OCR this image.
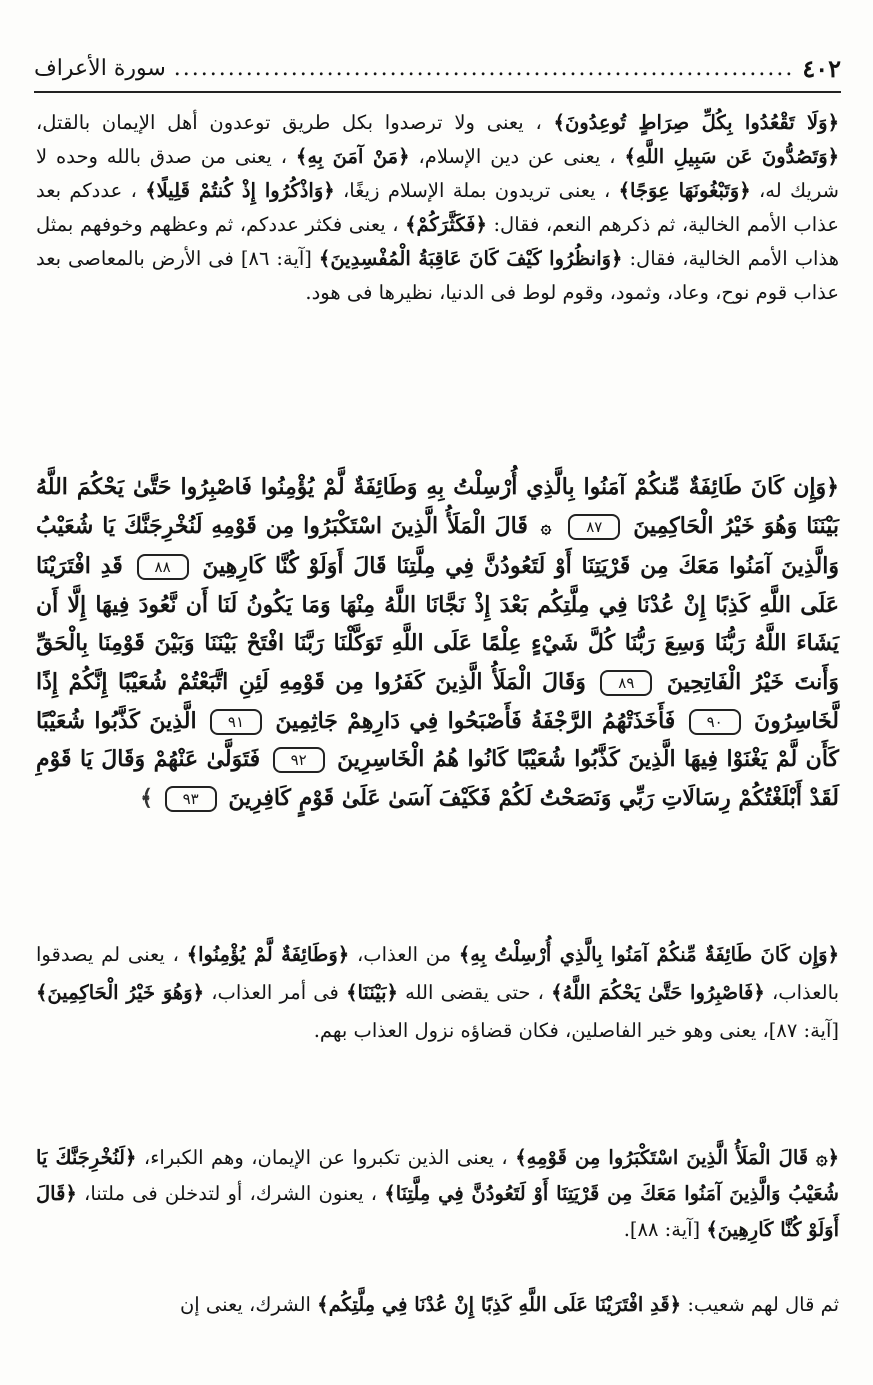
٤٠٢
.....
سورة الأعراف

﴿وَلَا تَقْعُدُوا بِكُلِّ صِرَاطٍ تُوعِدُونَ﴾ ، يعنى ولا ترصدوا بكل طريق توعدون أهل الإيمان بالقتل، ﴿وَتَصُدُّونَ عَن سَبِيلِ اللَّهِ﴾ ، يعنى عن دين الإسلام، ﴿مَنْ آمَنَ بِهِ﴾ ، يعنى من صدق بالله وحده لا شريك له، ﴿وَتَبْغُونَهَا عِوَجًا﴾ ، يعنى تريدون بملة الإسلام زيغًا، ﴿وَاذْكُرُوا إِذْ كُنتُمْ قَلِيلًا﴾ ، عددكم بعد عذاب الأمم الخالية، ثم ذكرهم النعم، فقال: ﴿فَكَثَّرَكُمْ﴾ ، يعنى فكثر عددكم، ثم وعظهم وخوفهم بمثل هذاب الأمم الخالية، فقال: ﴿وَانظُرُوا كَيْفَ كَانَ عَاقِبَةُ الْمُفْسِدِينَ﴾ [آية: ٨٦] فى الأرض بالمعاصى بعد عذاب قوم نوح، وعاد، وثمود، وقوم لوط فى الدنيا، نظيرها فى هود.

﴿وَإِن كَانَ طَائِفَةٌ مِّنكُمْ آمَنُوا بِالَّذِي أُرْسِلْتُ بِهِ وَطَائِفَةٌ لَّمْ يُؤْمِنُوا فَاصْبِرُوا حَتَّىٰ يَحْكُمَ اللَّهُ بَيْنَنَا وَهُوَ خَيْرُ الْحَاكِمِينَ ٨٧ ۞ قَالَ الْمَلَأُ الَّذِينَ اسْتَكْبَرُوا مِن قَوْمِهِ لَنُخْرِجَنَّكَ يَا شُعَيْبُ وَالَّذِينَ آمَنُوا مَعَكَ مِن قَرْيَتِنَا أَوْ لَتَعُودُنَّ فِي مِلَّتِنَا قَالَ أَوَلَوْ كُنَّا كَارِهِينَ ٨٨ قَدِ افْتَرَيْنَا عَلَى اللَّهِ كَذِبًا إِنْ عُدْنَا فِي مِلَّتِكُم بَعْدَ إِذْ نَجَّانَا اللَّهُ مِنْهَا وَمَا يَكُونُ لَنَا أَن نَّعُودَ فِيهَا إِلَّا أَن يَشَاءَ اللَّهُ رَبُّنَا وَسِعَ رَبُّنَا كُلَّ شَيْءٍ عِلْمًا عَلَى اللَّهِ تَوَكَّلْنَا رَبَّنَا افْتَحْ بَيْنَنَا وَبَيْنَ قَوْمِنَا بِالْحَقِّ وَأَنتَ خَيْرُ الْفَاتِحِينَ ٨٩ وَقَالَ الْمَلَأُ الَّذِينَ كَفَرُوا مِن قَوْمِهِ لَئِنِ اتَّبَعْتُمْ شُعَيْبًا إِنَّكُمْ إِذًا لَّخَاسِرُونَ ٩٠ فَأَخَذَتْهُمُ الرَّجْفَةُ فَأَصْبَحُوا فِي دَارِهِمْ جَاثِمِينَ ٩١ الَّذِينَ كَذَّبُوا شُعَيْبًا كَأَن لَّمْ يَغْنَوْا فِيهَا الَّذِينَ كَذَّبُوا شُعَيْبًا كَانُوا هُمُ الْخَاسِرِينَ ٩٢ فَتَوَلَّىٰ عَنْهُمْ وَقَالَ يَا قَوْمِ لَقَدْ أَبْلَغْتُكُمْ رِسَالَاتِ رَبِّي وَنَصَحْتُ لَكُمْ فَكَيْفَ آسَىٰ عَلَىٰ قَوْمٍ كَافِرِينَ ٩٣ ﴾

﴿وَإِن كَانَ طَائِفَةٌ مِّنكُمْ آمَنُوا بِالَّذِي أُرْسِلْتُ بِهِ﴾ من العذاب، ﴿وَطَائِفَةٌ لَّمْ يُؤْمِنُوا﴾ ، يعنى لم يصدقوا بالعذاب، ﴿فَاصْبِرُوا حَتَّىٰ يَحْكُمَ اللَّهُ﴾ ، حتى يقضى الله ﴿بَيْنَنَا﴾ فى أمر العذاب، ﴿وَهُوَ خَيْرُ الْحَاكِمِينَ﴾ [آية: ٨٧]، يعنى وهو خير الفاصلين، فكان قضاؤه نزول العذاب بهم.

﴿۞ قَالَ الْمَلَأُ الَّذِينَ اسْتَكْبَرُوا مِن قَوْمِهِ﴾ ، يعنى الذين تكبروا عن الإيمان، وهم الكبراء، ﴿لَنُخْرِجَنَّكَ يَا شُعَيْبُ وَالَّذِينَ آمَنُوا مَعَكَ مِن قَرْيَتِنَا أَوْ لَتَعُودُنَّ فِي مِلَّتِنَا﴾ ، يعنون الشرك، أو لتدخلن فى ملتنا، ﴿قَالَ أَوَلَوْ كُنَّا كَارِهِينَ﴾ [آية: ٨٨].

ثم قال لهم شعيب: ﴿قَدِ افْتَرَيْنَا عَلَى اللَّهِ كَذِبًا إِنْ عُدْنَا فِي مِلَّتِكُم﴾ الشرك، يعنى إن
